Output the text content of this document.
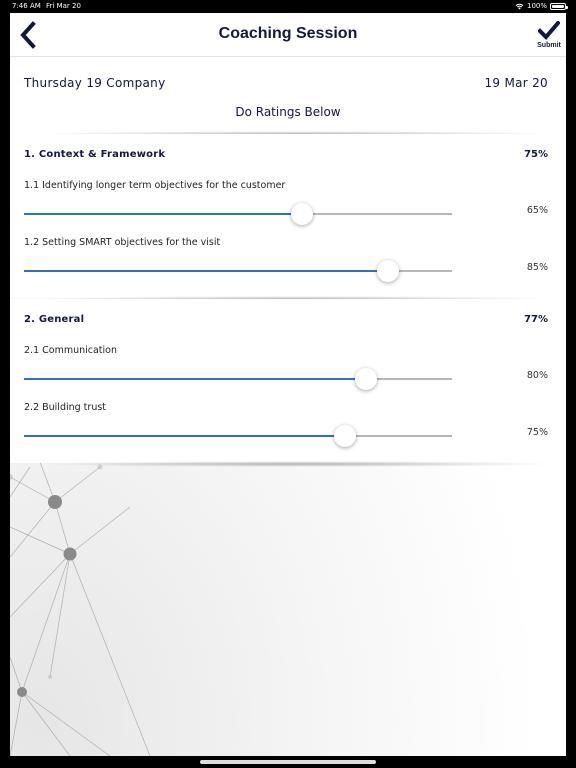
7:46 AM Fri Mar 20	100%
Coaching Session
Submit
Thursday 19 Company	19 Mar 20
Do Ratings Below
1. Context & Framework	75%
1.1 Identifying longer term objectives for the customer
65%
1.2 Setting SMART objectives for the visit
85%
2. General	77%
2.1 Communication
80%
2.2 Building trust
75%
